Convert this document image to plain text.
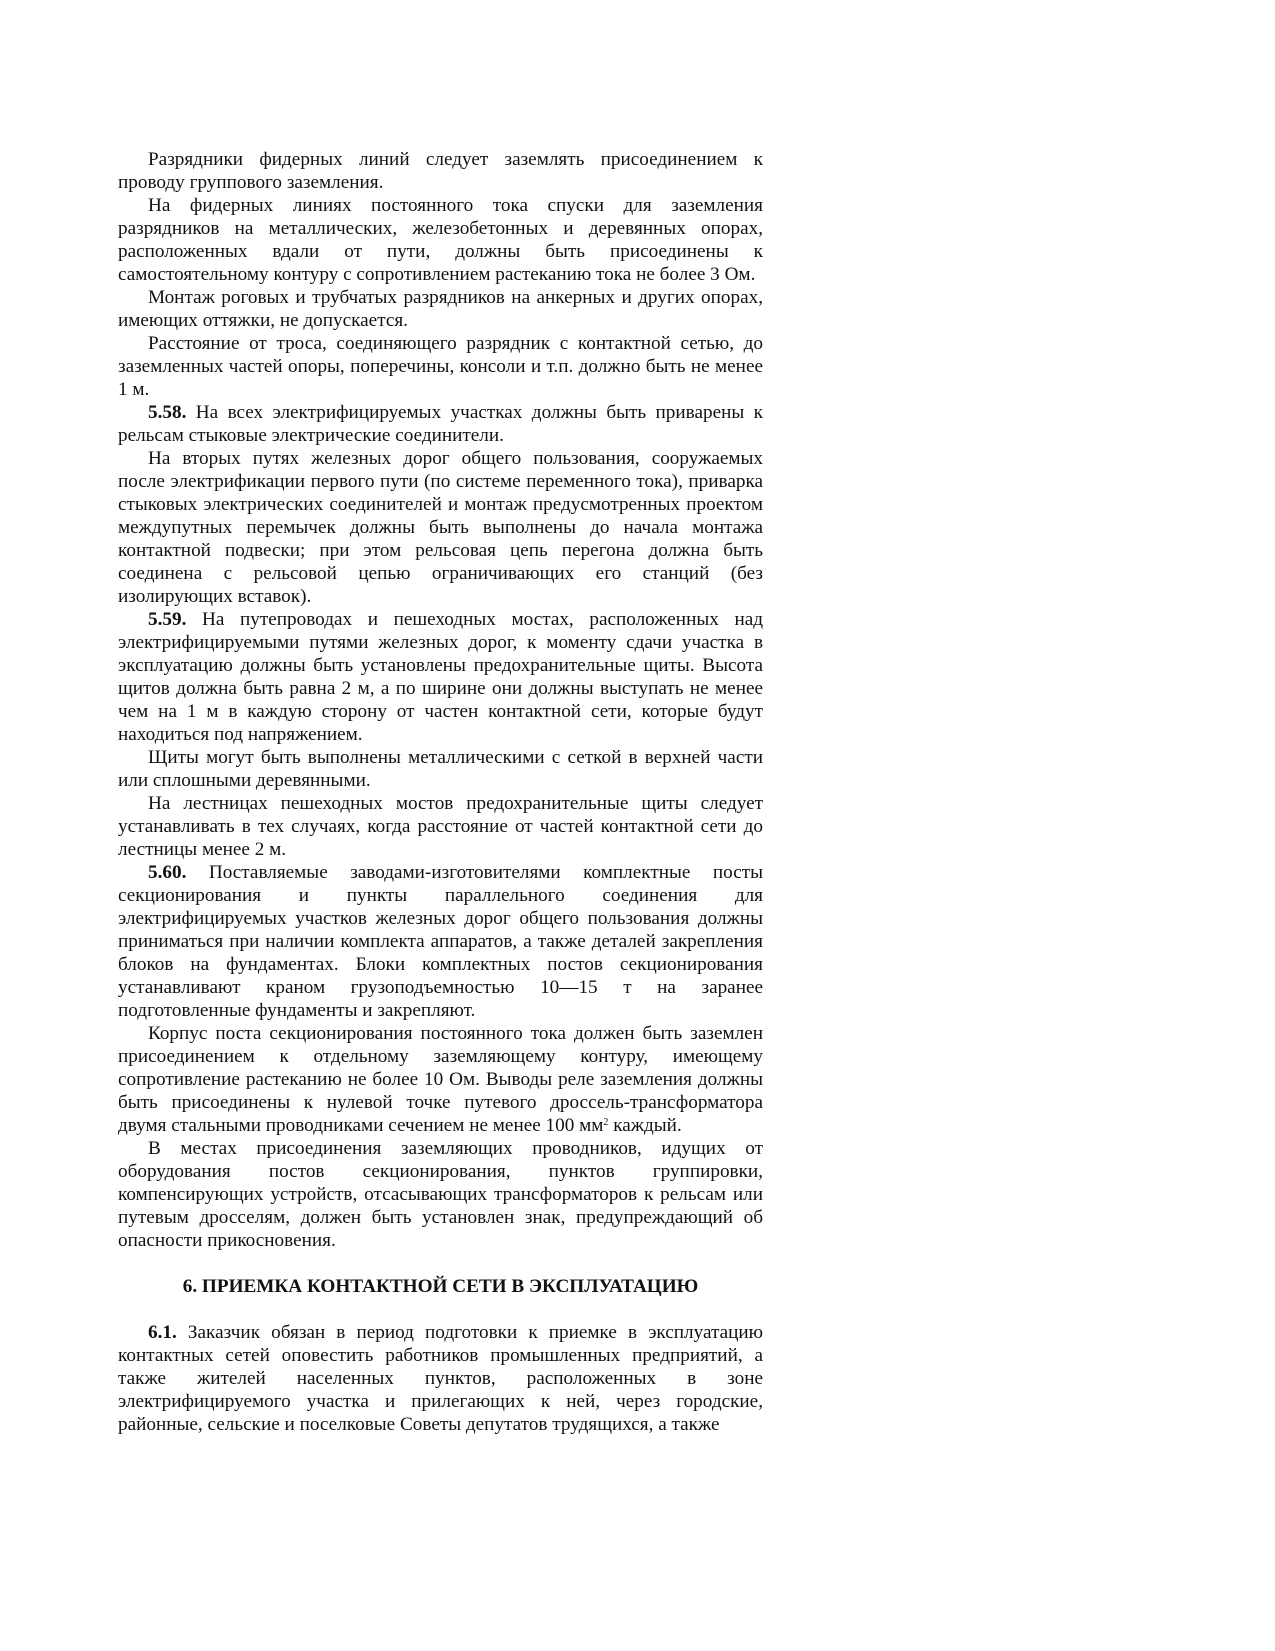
Разрядники фидерных линий следует заземлять присоединением к проводу группового заземления.

На фидерных линиях постоянного тока спуски для заземления разрядников на металлических, железобетонных и деревянных опорах, расположенных вдали от пути, должны быть присоединены к самостоятельному контуру с сопротивлением растеканию тока не более 3 Ом.

Монтаж роговых и трубчатых разрядников на анкерных и других опорах, имеющих оттяжки, не допускается.

Расстояние от троса, соединяющего разрядник с контактной сетью, до заземленных частей опоры, поперечины, консоли и т.п. должно быть не менее 1 м.

5.58. На всех электрифицируемых участках должны быть приварены к рельсам стыковые электрические соединители.

На вторых путях железных дорог общего пользования, сооружаемых после электрификации первого пути (по системе переменного тока), приварка стыковых электрических соединителей и монтаж предусмотренных проектом междупутных перемычек должны быть выполнены до начала монтажа контактной подвески; при этом рельсовая цепь перегона должна быть соединена с рельсовой цепью ограничивающих его станций (без изолирующих вставок).

5.59. На путепроводах и пешеходных мостах, расположенных над электрифицируемыми путями железных дорог, к моменту сдачи участка в эксплуатацию должны быть установлены предохранительные щиты. Высота щитов должна быть равна 2 м, а по ширине они должны выступать не менее чем на 1 м в каждую сторону от частен контактной сети, которые будут находиться под напряжением.

Щиты могут быть выполнены металлическими с сеткой в верхней части или сплошными деревянными.

На лестницах пешеходных мостов предохранительные щиты следует устанавливать в тех случаях, когда расстояние от частей контактной сети до лестницы менее 2 м.

5.60. Поставляемые заводами-изготовителями комплектные посты секционирования и пункты параллельного соединения для электрифицируемых участков железных дорог общего пользования должны приниматься при наличии комплекта аппаратов, а также деталей закрепления блоков на фундаментах. Блоки комплектных постов секционирования устанавливают краном грузоподъемностью 10—15 т на заранее подготовленные фундаменты и закрепляют.

Корпус поста секционирования постоянного тока должен быть заземлен присоединением к отдельному заземляющему контуру, имеющему сопротивление растеканию не более 10 Ом. Выводы реле заземления должны быть присоединены к нулевой точке путевого дроссель-трансформатора двумя стальными проводниками сечением не менее 100 $мм^2$ каждый.

В местах присоединения заземляющих проводников, идущих от оборудования постов секционирования, пунктов группировки, компенсирующих устройств, отсасывающих трансформаторов к рельсам или путевым дросселям, должен быть установлен знак, предупреждающий об опасности прикосновения.

6. ПРИЕМКА КОНТАКТНОЙ СЕТИ В ЭКСПЛУАТАЦИЮ

6.1. Заказчик обязан в период подготовки к приемке в эксплуатацию контактных сетей оповестить работников промышленных предприятий, а также жителей населенных пунктов, расположенных в зоне электрифицируемого участка и прилегающих к ней, через городские, районные, сельские и поселковые Советы депутатов трудящихся, а также
